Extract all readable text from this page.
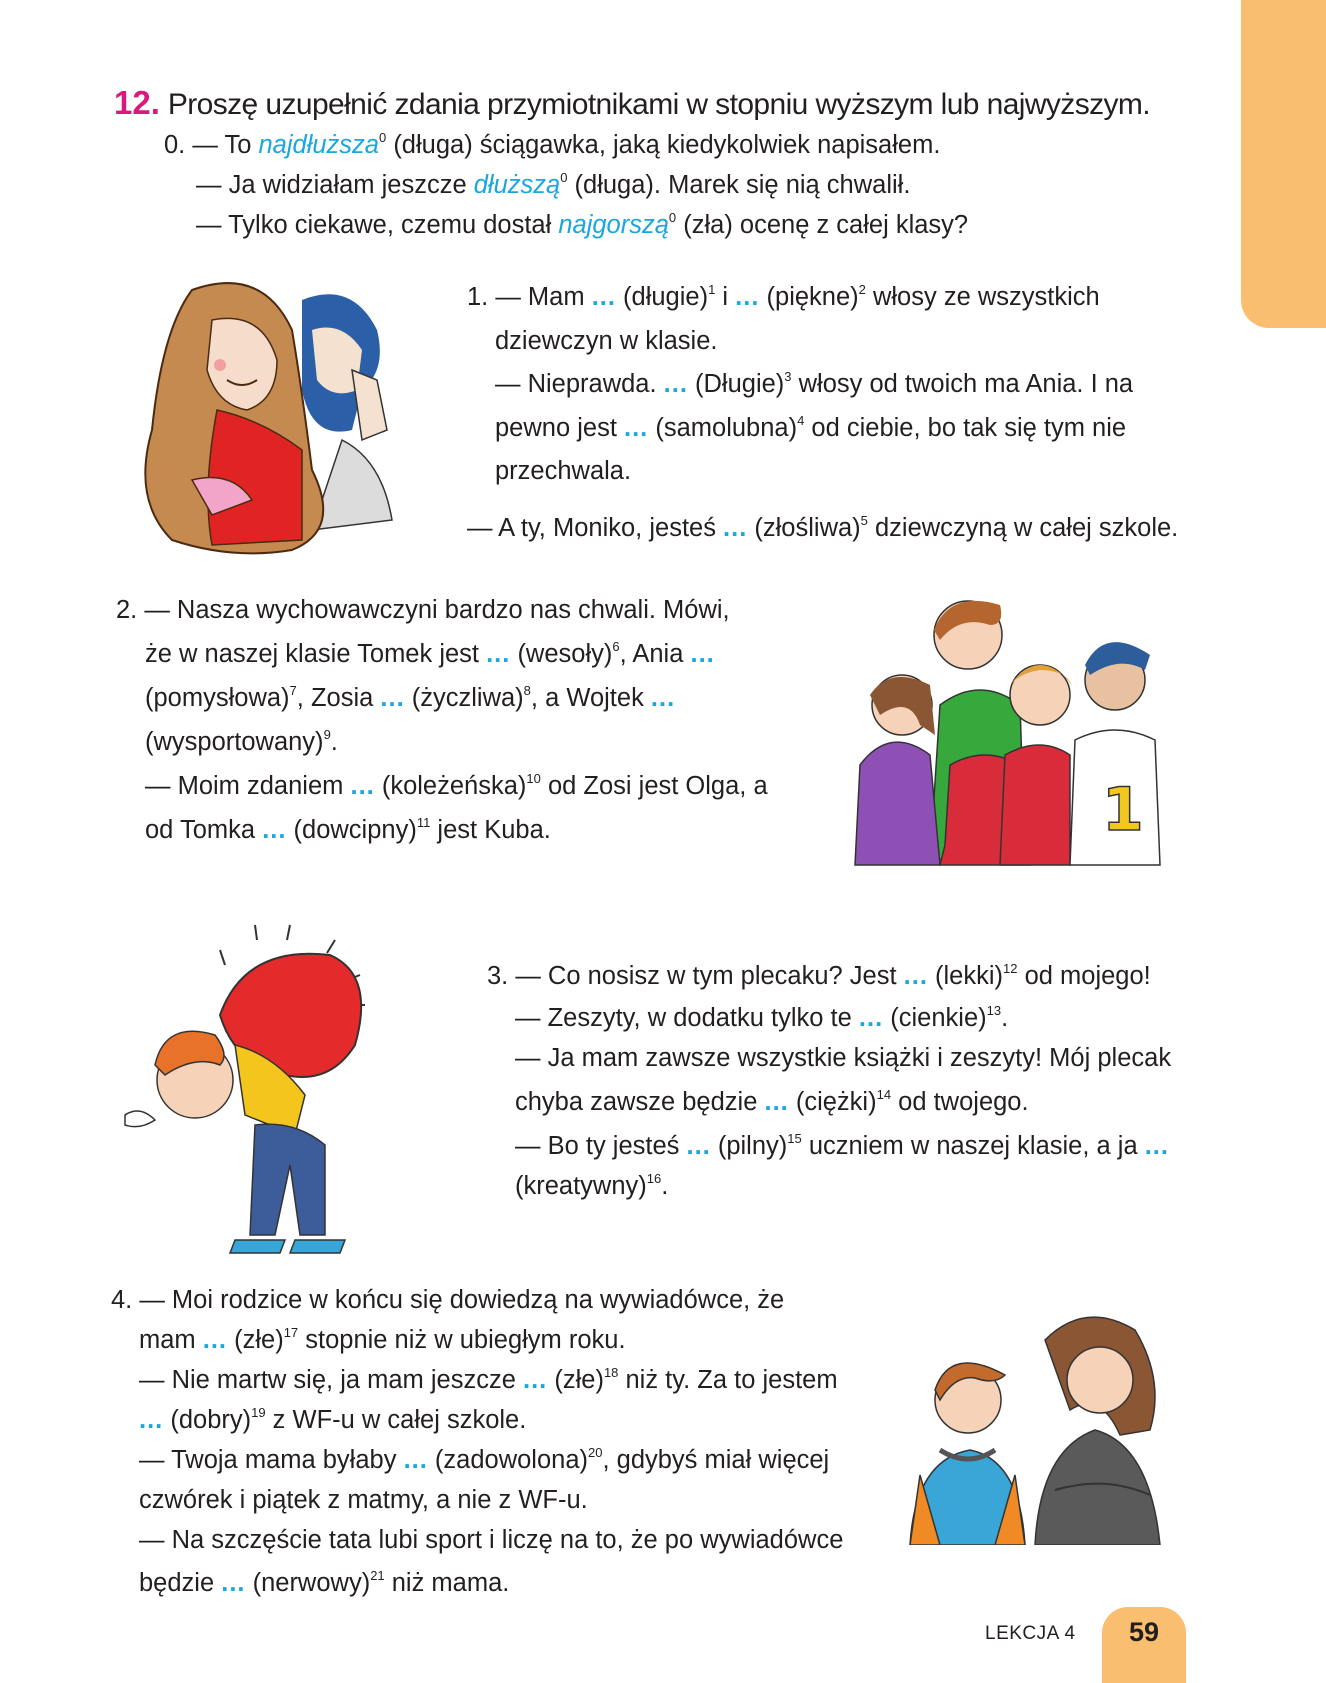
12. Proszę uzupełnić zdania przymiotnikami w stopniu wyższym lub najwyższym.
0. — To najdłuższa$^0$ (długa) ściągawka, jaką kiedykolwiek napisałem.
— Ja widziałam jeszcze dłuższą$^0$ (długa). Marek się nią chwalił.
— Tylko ciekawe, czemu dostał najgorszą$^0$ (zła) ocenę z całej klasy?
1. — Mam ... (długie)$^1$ i ... (piękne)$^2$ włosy ze wszystkich
dziewczyn w klasie.
— Nieprawda. ... (Długie)$^3$ włosy od twoich ma Ania. I na
pewno jest ... (samolubna)$^4$ od ciebie, bo tak się tym nie
przechwala.
— A ty, Moniko, jesteś ... (złośliwa)$^5$ dziewczyną w całej szkole.
2. — Nasza wychowawczyni bardzo nas chwali. Mówi,
że w naszej klasie Tomek jest ... (wesoły)$^6$, Ania ...
(pomysłowa)$^7$, Zosia ... (życzliwa)$^8$, a Wojtek ...
(wysportowany)$^9$.
— Moim zdaniem ... (koleżeńska)$^{10}$ od Zosi jest Olga, a
od Tomka ... (dowcipny)$^{11}$ jest Kuba.	1
3. — Co nosisz w tym plecaku? Jest ... (lekki)$^{12}$ od mojego!
— Zeszyty, w dodatku tylko te ... (cienkie)$^{13}$.
— Ja mam zawsze wszystkie książki i zeszyty! Mój plecak
chyba zawsze będzie ... (ciężki)$^{14}$ od twojego.
— Bo ty jesteś ... $(pilny)^{15}$ uczniem w naszej klasie, a ja ...
(kreatywny)$^{16}$.
4. — Moi rodzice w końcu się dowiedzą na wywiadówce, że
mam ... (złe)$^{17}$ stopnie niż w ubiegłym roku.
— Nie martw się, ja mam jeszcze ... (złe)$^{18}$ niż ty. Za to jestem
... (dobry)$^{19}$ z WF-u w całej szkole.
— Twoja mama byłaby ... (zadowolona)$^{20}$, gdybyś miał więcej
czwórek i piątek z matmy, a nie z WF-u.
— Na szczęście tata lubi sport i liczę na to, że po wywiadówce
będzie ... (nerwowy)$^{21}$ niż mama.
LEKCJA 4 59
